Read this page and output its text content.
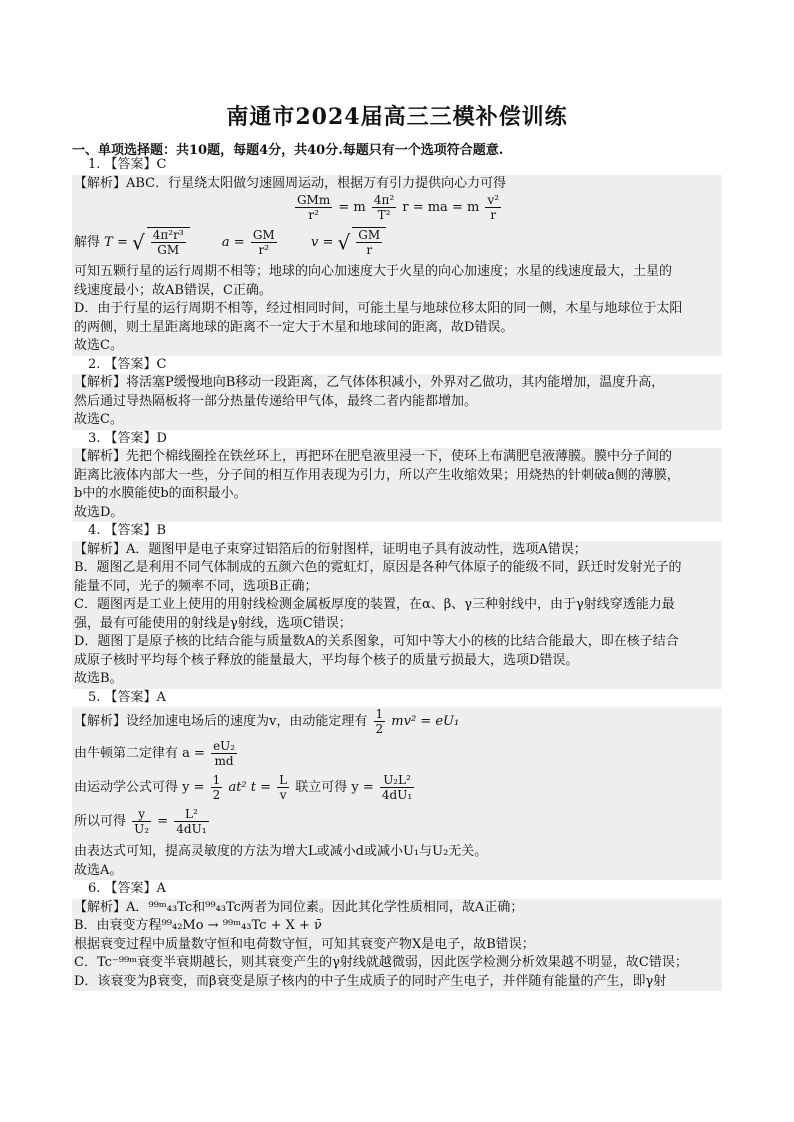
南通市2024届高三三模补偿训练
一、单项选择题：共10题，每题4分，共40分.每题只有一个选项符合题意.
1. 【答案】C
【解析】ABC．行星绕太阳做匀速圆周运动，根据万有引力提供向心力可得
$\frac{\text{GMm}}{\text{r²}} = m \frac{\text{4π²}}{\text{T²}}$ r = ma = m $\frac{\text{v²}}{r}$
解得 T = √ $\frac{\text{4π²r³}}{GM}$	$a = \frac{GM}{\text{r²}}$	v = √ $\frac{GM}{r}$
可知五颗行星的运行周期不相等；地球的向心加速度大于火星的向心加速度；水星的线速度最大，土星的
线速度最小；故AB错误，C正确。
D．由于行星的运行周期不相等，经过相同时间，可能土星与地球位移太阳的同一侧，木星与地球位于太阳
的两侧，则土星距离地球的距离不一定大于木星和地球间的距离，故D错误。
故选C。
2. 【答案】C
【解析】将活塞P缓慢地向B移动一段距离，乙气体体积减小，外界对乙做功，其内能增加，温度升高，
然后通过导热隔板将一部分热量传递给甲气体，最终二者内能都增加。
故选C。
3. 【答案】D
【解析】先把个棉线圈拴在铁丝环上，再把环在肥皂液里浸一下，使环上布满肥皂液薄膜。膜中分子间的
距离比液体内部大一些，分子间的相互作用表现为引力，所以产生收缩效果；用烧热的针刺破a侧的薄膜，
b中的水膜能使b的面积最小。
故选D。
4. 【答案】B
【解析】A．题图甲是电子束穿过铝箔后的衍射图样，证明电子具有波动性，选项A错误；
B．题图乙是利用不同气体制成的五颜六色的霓虹灯，原因是各种气体原子的能级不同，跃迁时发射光子的
能量不同，光子的频率不同，选项B正确；
C．题图丙是工业上使用的用射线检测金属板厚度的装置，在α、β、γ三种射线中，由于γ射线穿透能力最
强，最有可能使用的射线是γ射线，选项C错误；
D．题图丁是原子核的比结合能与质量数A的关系图象，可知中等大小的核的比结合能最大，即在核子结合
成原子核时平均每个核子释放的能量最大，平均每个核子的质量亏损最大，选项D错误。
故选B。
5. 【答案】A
【解析】设经加速电场后的速度为v，由动能定理有 $\frac{1}{2} mv^2 = eU_1$
由牛顿第二定律有 $a = \frac{\text{eU₂}}{md}$
由运动学公式可得 $y = \frac{1}{2} at^2$ $t = \frac{L}{v}$ 联立可得 $y = \frac{\text{U₂L²}}{\text{4dU₁}}$
所以可得 $\frac{y}{\text{U₂}} = \frac{\text{L²}}{\text{4dU₁}}$
由表达式可知，提高灵敏度的方法为增大L或减小d或减小U₁与U₂无关。
故选A。
6. 【答案】A
【解析】A．⁹⁹ᵐ₄₃Tc和⁹⁹₄₃Tc两者为同位素。因此其化学性质相同，故A正确；
B．由衰变方程⁹⁹₄₂Mo → ⁹⁹ᵐ₄₃Tc + X + ν̄
根据衰变过程中质量数守恒和电荷数守恒，可知其衰变产物X是电子，故B错误；
C．Tc⁻⁹⁹ᵐ衰变半衰期越长，则其衰变产生的γ射线就越微弱，因此医学检测分析效果越不明显，故C错误；
D．该衰变为β衰变，而β衰变是原子核内的中子生成质子的同时产生电子，并伴随有能量的产生，即γ射
